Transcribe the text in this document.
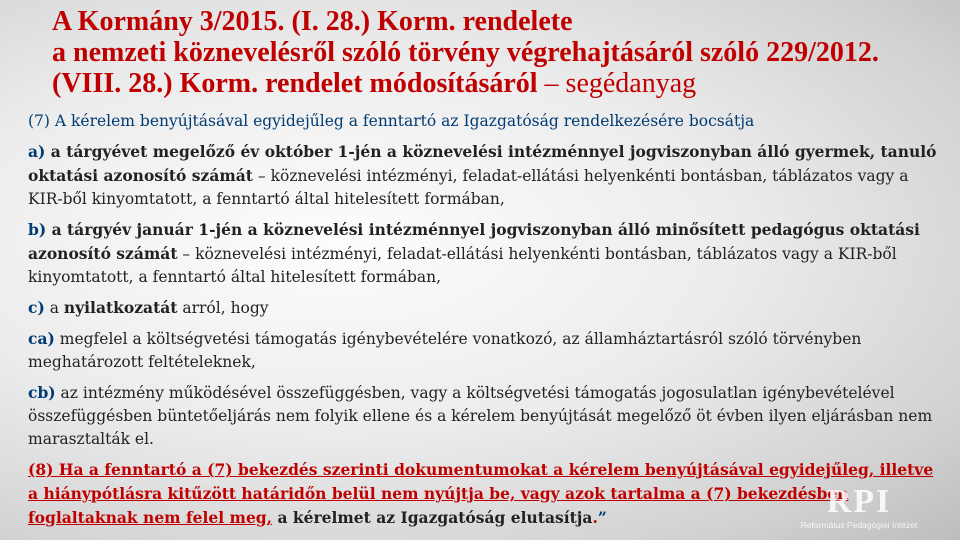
A Kormány 3/2015. (I. 28.) Korm. rendelete
a nemzeti köznevelésről szóló törvény végrehajtásáról szóló 229/2012.
(VIII. 28.) Korm. rendelet módosításáról – segédanyag

(7) A kérelem benyújtásával egyidejűleg a fenntartó az Igazgatóság rendelkezésére bocsátja

a) a tárgyévet megelőző év október 1-jén a köznevelési intézménnyel jogviszonyban álló gyermek, tanuló oktatási azonosító számát – köznevelési intézményi, feladat-ellátási helyenkénti bontásban, táblázatos vagy a KIR-ből kinyomtatott, a fenntartó által hitelesített formában,

b) a tárgyév január 1-jén a köznevelési intézménnyel jogviszonyban álló minősített pedagógus oktatási azonosító számát – köznevelési intézményi, feladat-ellátási helyenkénti bontásban, táblázatos vagy a KIR-ből kinyomtatott, a fenntartó által hitelesített formában,

c) a nyilatkozatát arról, hogy

ca) megfelel a költségvetési támogatás igénybevételére vonatkozó, az államháztartásról szóló törvényben meghatározott feltételeknek,

cb) az intézmény működésével összefüggésben, vagy a költségvetési támogatás jogosulatlan igénybevételével összefüggésben büntetőeljárás nem folyik ellene és a kérelem benyújtását megelőző öt évben ilyen eljárásban nem marasztalták el.

(8) Ha a fenntartó a (7) bekezdés szerinti dokumentumokat a kérelem benyújtásával egyidejűleg, illetve a hiánypótlásra kitűzött határidőn belül nem nyújtja be, vagy azok tartalma a (7) bekezdésben foglaltaknak nem felel meg, a kérelmet az Igazgatóság elutasítja.”	RPI
Református Pedagógiai Intézet
